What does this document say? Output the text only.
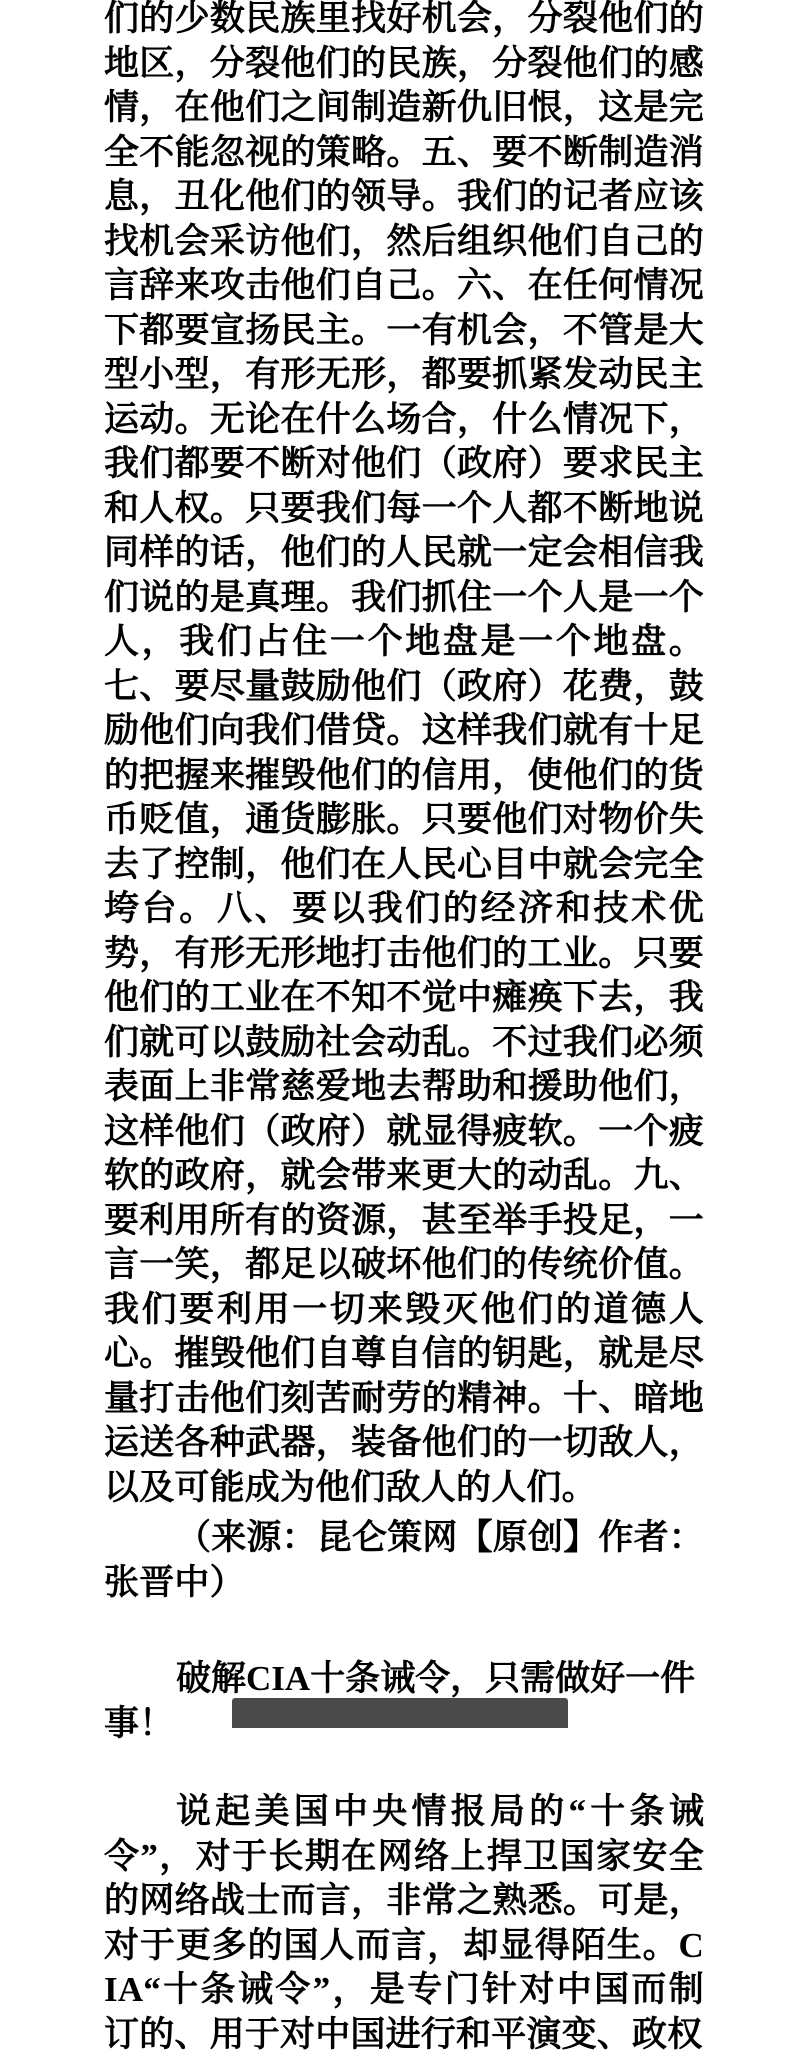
们的少数民族里找好机会，分裂他们的地区，分裂他们的民族，分裂他们的感情，在他们之间制造新仇旧恨，这是完全不能忽视的策略。五、要不断制造消息，丑化他们的领导。我们的记者应该找机会采访他们，然后组织他们自己的言辞来攻击他们自己。六、在任何情况下都要宣扬民主。一有机会，不管是大型小型，有形无形，都要抓紧发动民主运动。无论在什么场合，什么情况下，我们都要不断对他们（政府）要求民主和人权。只要我们每一个人都不断地说同样的话，他们的人民就一定会相信我们说的是真理。我们抓住一个人是一个人，我们占住一个地盘是一个地盘。七、要尽量鼓励他们（政府）花费，鼓励他们向我们借贷。这样我们就有十足的把握来摧毁他们的信用，使他们的货币贬值，通货膨胀。只要他们对物价失去了控制，他们在人民心目中就会完全垮台。八、要以我们的经济和技术优势，有形无形地打击他们的工业。只要他们的工业在不知不觉中瘫痪下去，我们就可以鼓励社会动乱。不过我们必须表面上非常慈爱地去帮助和援助他们，这样他们（政府）就显得疲软。一个疲软的政府，就会带来更大的动乱。九、要利用所有的资源，甚至举手投足，一言一笑，都足以破坏他们的传统价值。我们要利用一切来毁灭他们的道德人心。摧毁他们自尊自信的钥匙，就是尽量打击他们刻苦耐劳的精神。十、暗地运送各种武器，装备他们的一切敌人，以及可能成为他们敌人的人们。

（来源：昆仑策网【原创】作者：张晋中）

破解CIA十条诫令，只需做好一件事！

说起美国中央情报局的“十条诫令”，对于长期在网络上捍卫国家安全的网络战士而言，非常之熟悉。可是，对于更多的国人而言，却显得陌生。CIA“十条诫令”，是专门针对中国而制订的、用于对中国进行和平演变、政权
